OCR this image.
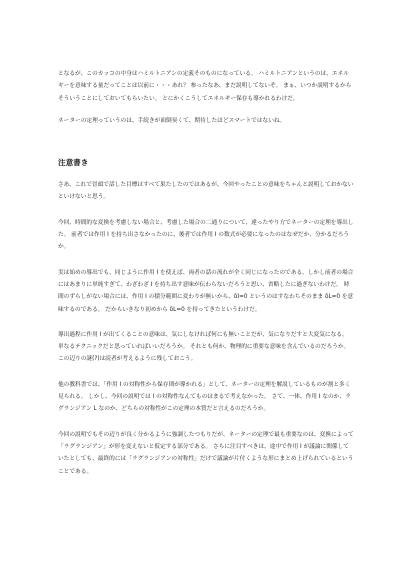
となるが、このカッコの中身はハミルトニアンの定義そのものになっている。 ハミルトニアンというのは、エネルギーを意味する量だってことは以前に・・・あれ？ 参ったなあ、まだ説明してないぞ。 まぁ、いつか説明するからそういうことにしておいてもらいたい。 とにかくこうしてエネルギー保存も導かれるわけだ。

ネーターの定理っていうのは、手続きが面倒臭くて、期待したほどスマートではないね。

注意書き

さあ、これで冒頭で話した目標はすべて果たしたのではあるが、今回やったことの意味をちゃんと説明しておかないといけないと思う。

今回、時間的な変換を考慮しない場合と、考慮した場合の二通りについて、違ったやり方でネーターの定理を導出した。 前者では作用 I を持ち出さなかったのに、後者では作用 I の数式が必要になったのはなぜだか、分かるだろうか。

実は始めの導出でも、同じように作用 I を使えば、両者の話の流れが全く同じになったのである。しかし前者の場合にはあまりに単純すぎて、わざわざ I を持ち出す意味が伝わらないだろうと思い、省略したに過ぎないわけだ。 時間のずらしがない場合には、作用 I の積分範囲に変わりが無いから、δI=0 というのはすなわちそのまま δL=0 を意味するのである。 だからいきなり初めから δL=0 を持ってきたというわけだ。

導出過程に作用 I が出てくることの意味は、気にしなければ何にも無いことだが、気になりだすと大変気になる。 単なるテクニックだと思っていればいいだろうか。 それとも何か、物理的に重要な意味を含んでいるのだろうか。 この辺りの謎(?)は読者が考えるように残しておこう。

他の教科書では、「作用 I の対称性から保存則が導かれる」として、ネーターの定理を解説しているものが割と多く見られる。 しかし、今回の説明では I の対称性なんてものはまるで考えなかった。 さて、一体、作用 I なのか、ラグランジアン L なのか、どちらの対称性がこの定理の本質だと言えるのだろうか。

今回の説明でもその辺りが良く分かるように強調したつもりだが、ネーターの定理で最も重要なのは、変換によって「ラグランジアン」が形を変えないと仮定する部分である。 さらに注目すべきは、途中で作用 I が議論に関係していたとしても、最終的には「ラグランジアンの対称性」だけで議論が片付くような形にまとめ上げられているということである。
